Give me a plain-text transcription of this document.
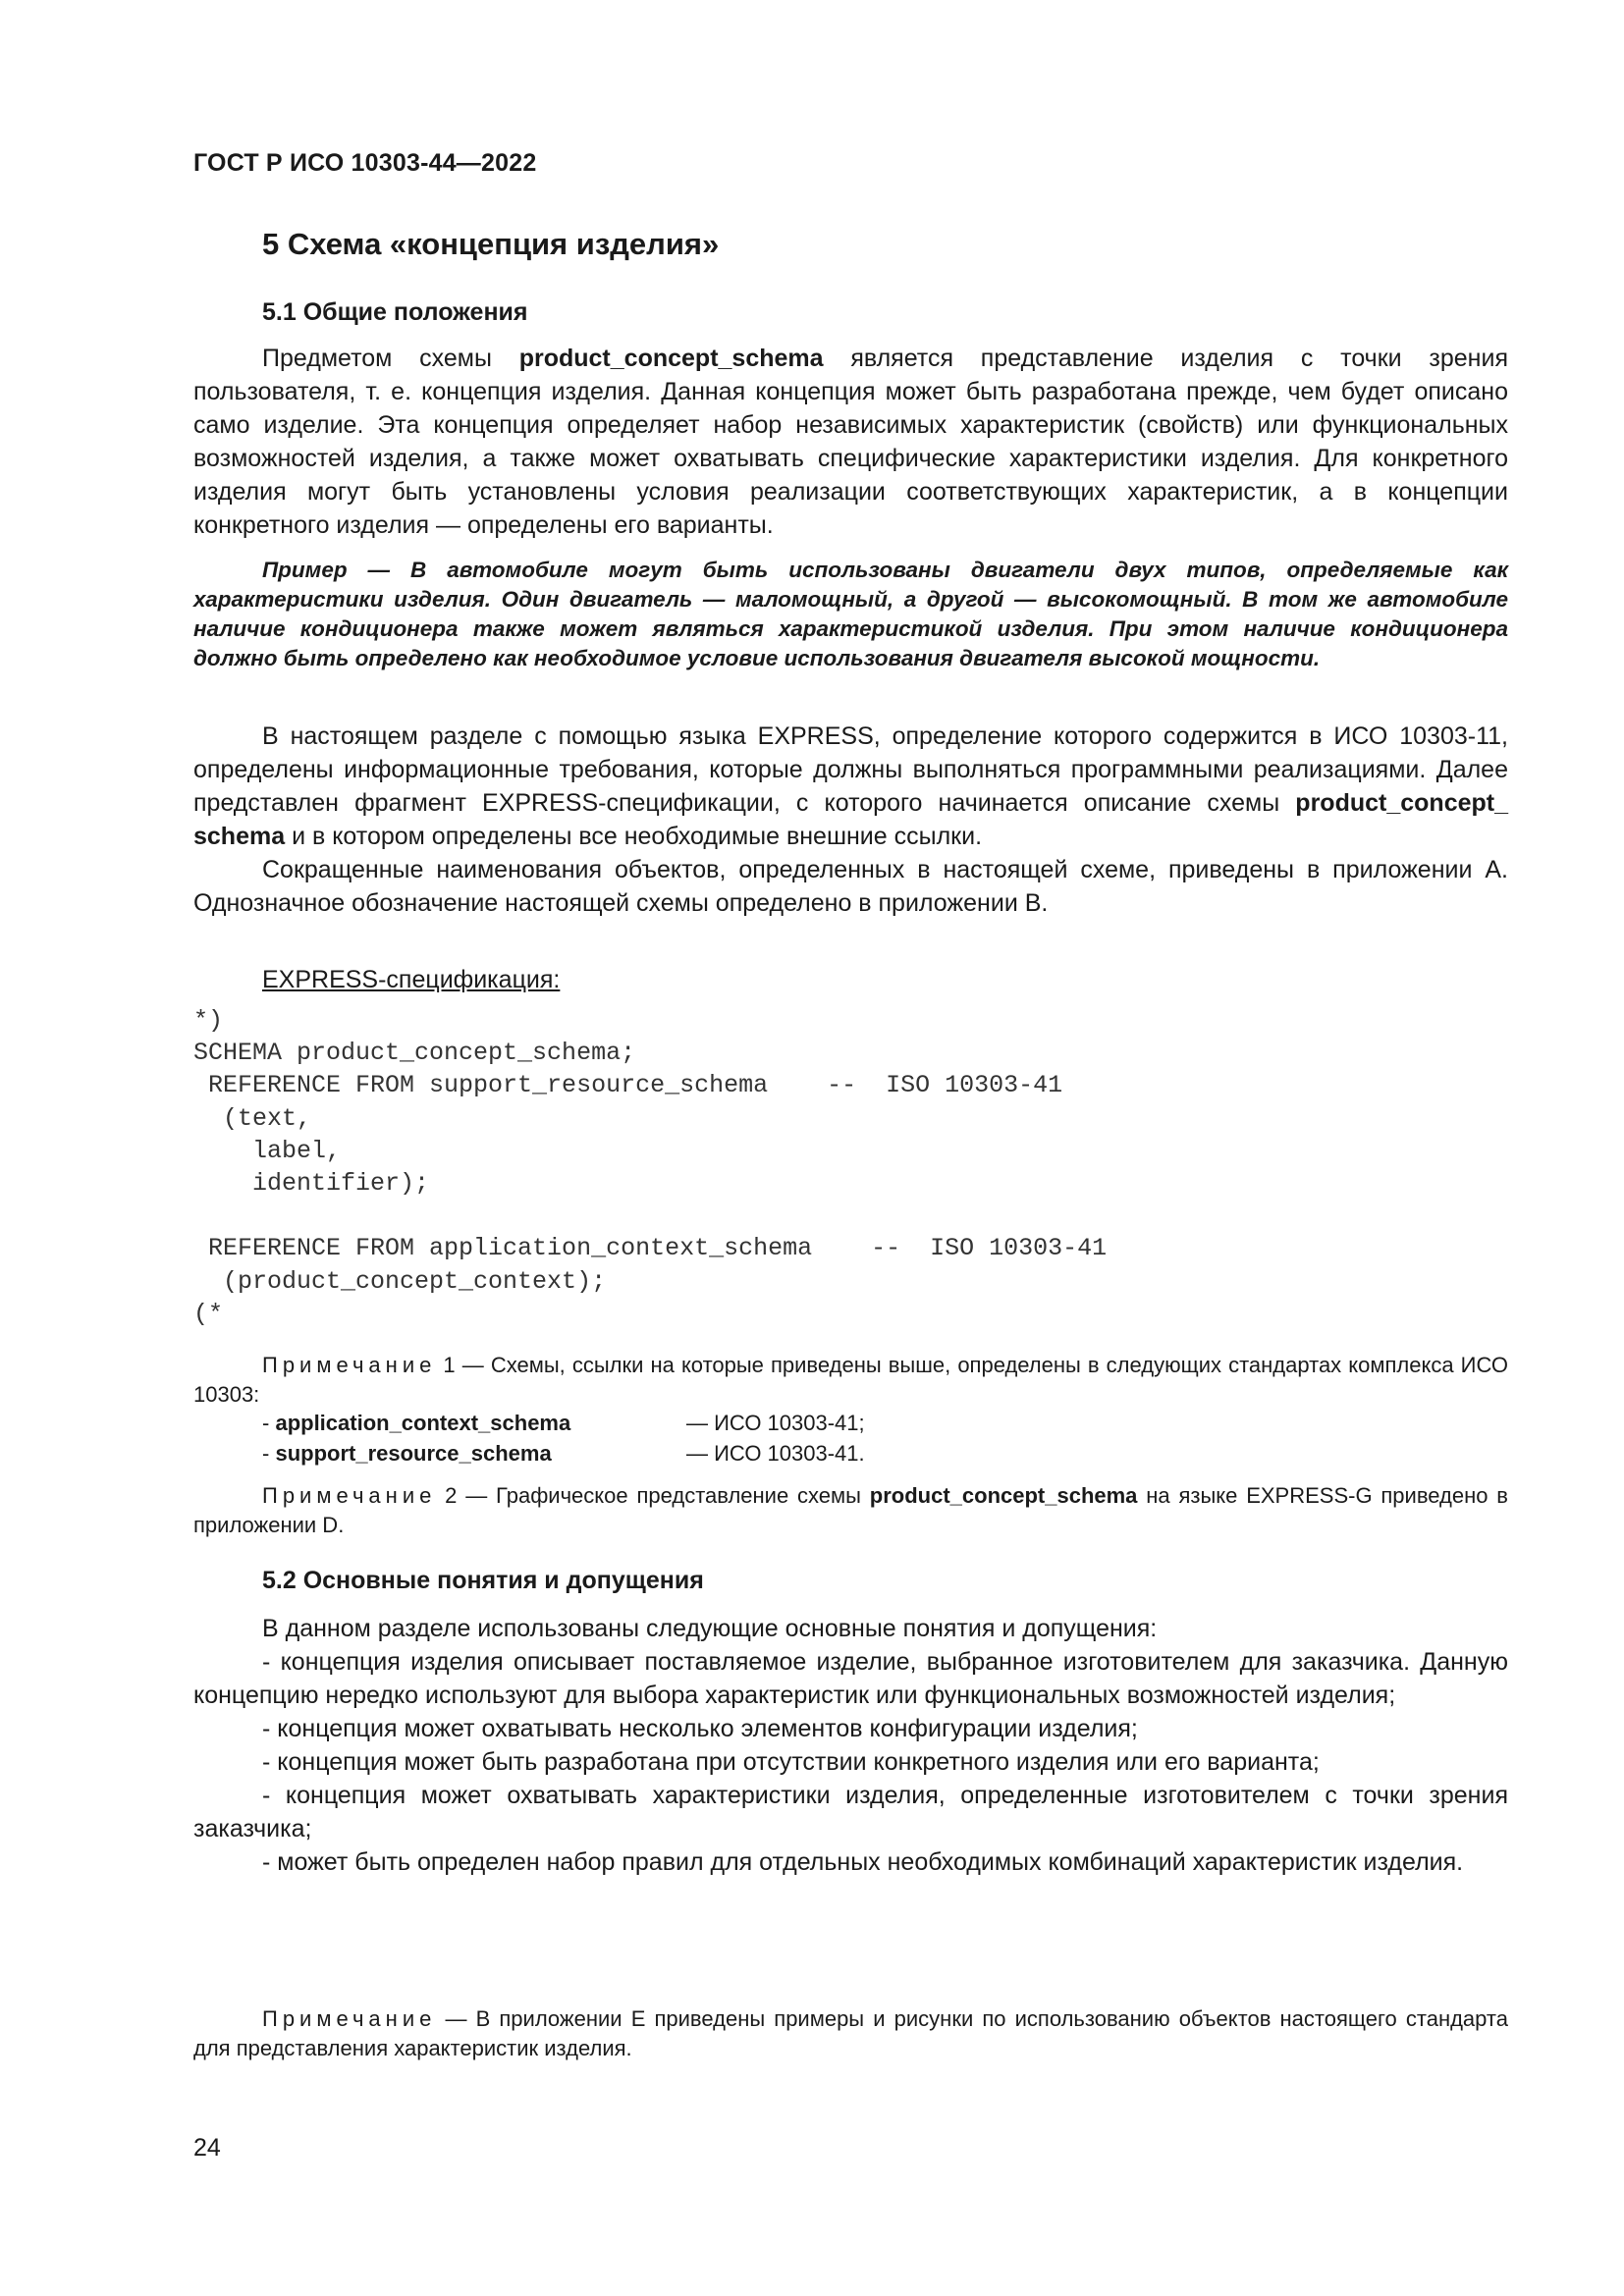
ГОСТ Р ИСО 10303-44—2022
5 Схема «концепция изделия»
5.1 Общие положения

Предметом схемы product_concept_schema является представление изделия с точки зрения пользователя, т. е. концепция изделия. Данная концепция может быть разработана прежде, чем будет описано само изделие. Эта концепция определяет набор независимых характеристик (свойств) или функциональных возможностей изделия, а также может охватывать специфические характеристики изделия. Для конкретного изделия могут быть установлены условия реализации соответствующих характеристик, а в концепции конкретного изделия — определены его варианты.

Пример — В автомобиле могут быть использованы двигатели двух типов, определяемые как характеристики изделия. Один двигатель — маломощный, а другой — высокомощный. В том же автомобиле наличие кондиционера также может являться характеристикой изделия. При этом наличие кондиционера должно быть определено как необходимое условие использования двигателя высокой мощности.

В настоящем разделе с помощью языка EXPRESS, определение которого содержится в ИСО 10303-11, определены информационные требования, которые должны выполняться программными реализациями. Далее представлен фрагмент EXPRESS-спецификации, с которого начинается описание схемы product_concept_ schema и в котором определены все необходимые внешние ссылки.

Сокращенные наименования объектов, определенных в настоящей схеме, приведены в приложении А. Однозначное обозначение настоящей схемы определено в приложении В.

EXPRESS-спецификация:
*)
SCHEMA product_concept_schema;
REFERENCE FROM support_resource_schema    --  ISO 10303-41
(text,
label,
identifier);

REFERENCE FROM application_context_schema    --  ISO 10303-41
(product_concept_context);
(*

Примечание 1 — Схемы, ссылки на которые приведены выше, определены в следующих стандартах комплекса ИСО 10303:

- application_context_schema	— ИСО 10303-41;
- support_resource_schema	— ИСО 10303-41.

Примечание 2 — Графическое представление схемы product_concept_schema на языке EXPRESS-G приведено в приложении D.

5.2 Основные понятия и допущения

В данном разделе использованы следующие основные понятия и допущения:

- концепция изделия описывает поставляемое изделие, выбранное изготовителем для заказчика. Данную концепцию нередко используют для выбора характеристик или функциональных возможностей изделия;

- концепция может охватывать несколько элементов конфигурации изделия;

- концепция может быть разработана при отсутствии конкретного изделия или его варианта;

- концепция может охватывать характеристики изделия, определенные изготовителем с точки зрения заказчика;

- может быть определен набор правил для отдельных необходимых комбинаций характеристик изделия.

Примечание — В приложении Е приведены примеры и рисунки по использованию объектов настоящего стандарта для представления характеристик изделия.

24
